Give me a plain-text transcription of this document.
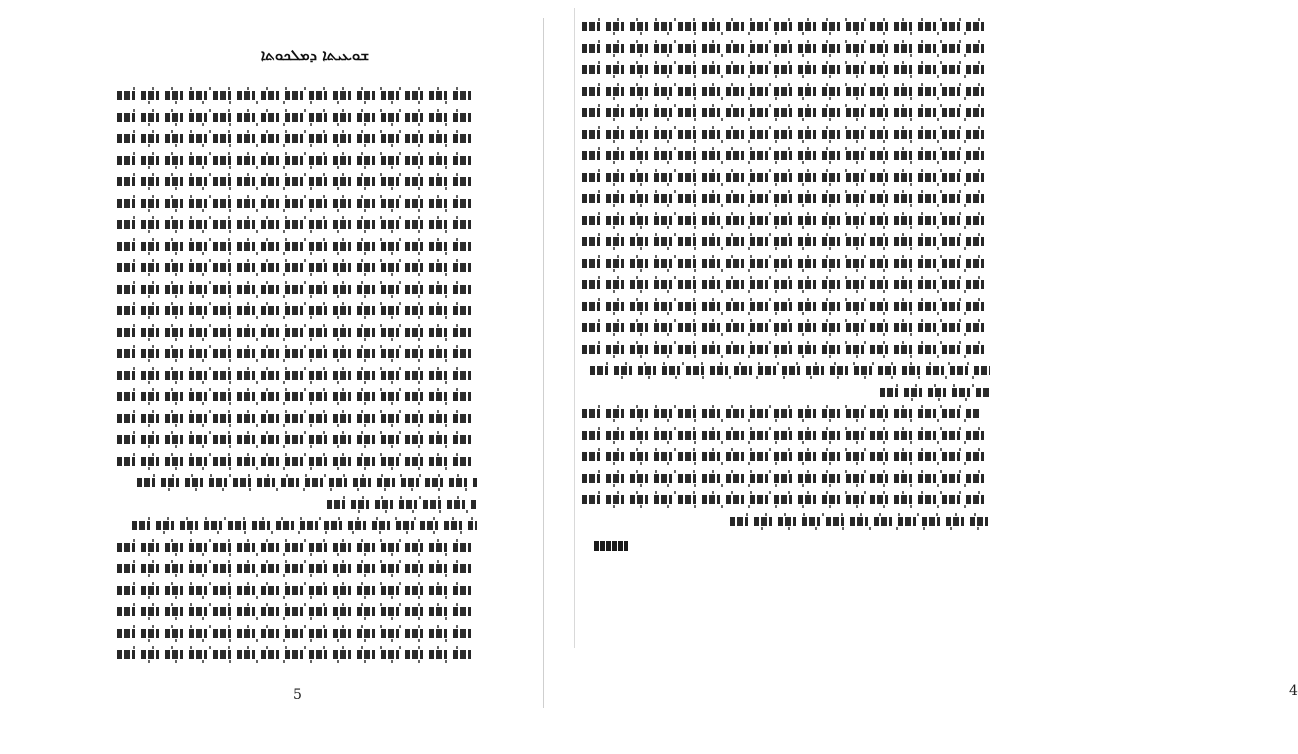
ܫܘܥܝܬܐ ܕܡܠܟܘܬܐ
5	4
